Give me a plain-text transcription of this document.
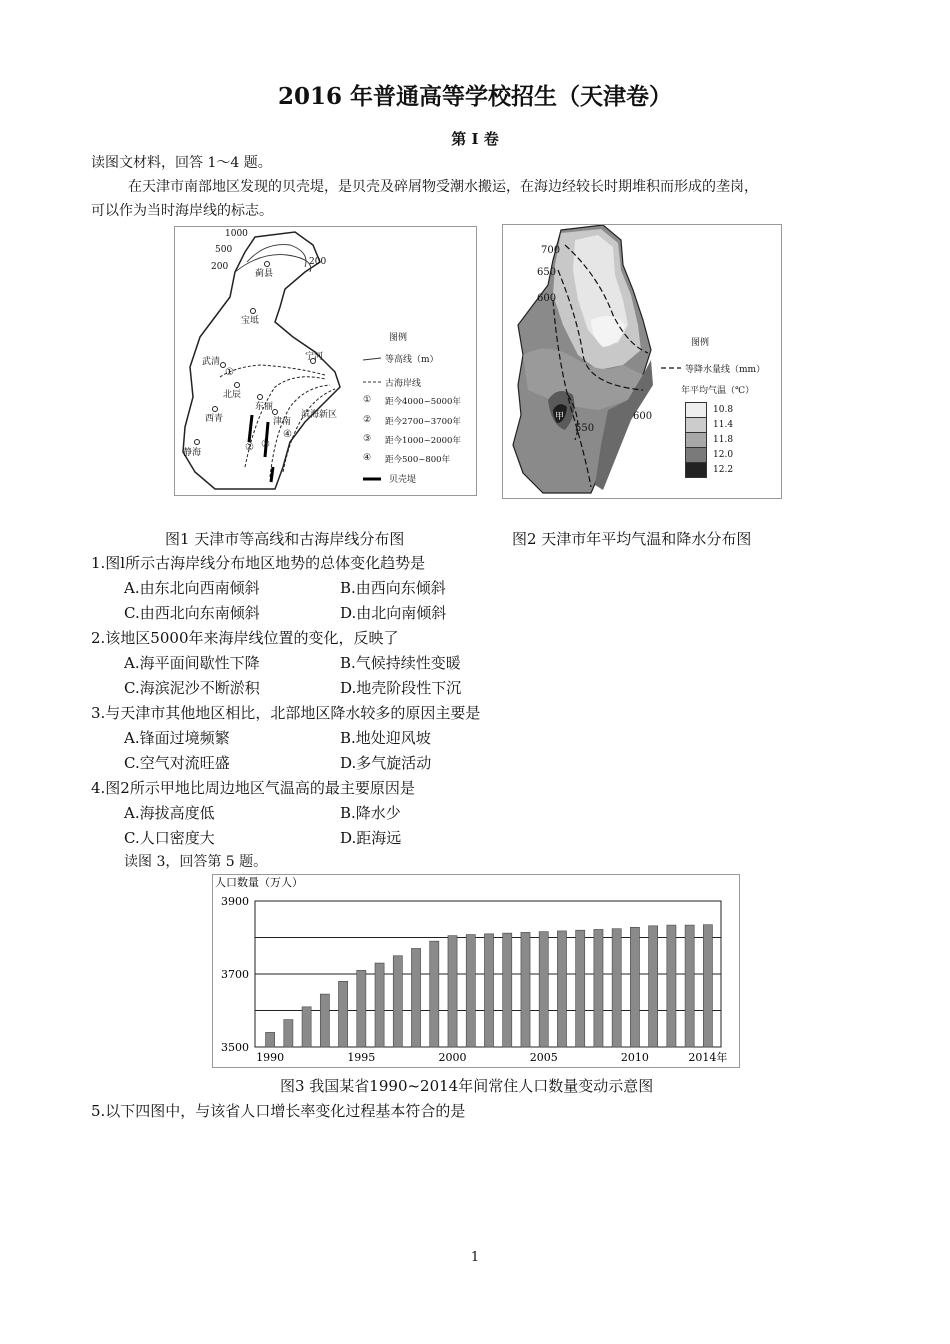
2016 年普通高等学校招生（天津卷）
第 I 卷
读图文材料，回答 1～4 题。
在天津市南部地区发现的贝壳堤，是贝壳及碎屑物受潮水搬运，在海边经较长时期堆积而形成的垄岗，
可以作为当时海岸线的标志。
1000
500
200	200
蓟县
宝坻
宁河
武清
北辰
东丽
西青	津南
滨海新区
静海
①
② ③
④
图例
等高线（m）
古海岸线
① 距今4000~5000年
② 距今2700~3700年
③ 距今1000~2000年
④ 距今500~800年
贝壳堤
700
650
600
600
550
甲
图例
等降水量线（mm）
年平均气温（℃）
10.8
11.4
11.8
12.0
12.2
图1 天津市等高线和古海岸线分布图	图2 天津市年平均气温和降水分布图
1.图l所示古海岸线分布地区地势的总体变化趋势是
A.由东北向西南倾斜	B.由西向东倾斜
C.由西北向东南倾斜	D.由北向南倾斜
2.该地区5000年来海岸线位置的变化，反映了
A.海平面间歇性下降	B.气候持续性变暖
C.海滨泥沙不断淤积	D.地壳阶段性下沉
3.与天津市其他地区相比，北部地区降水较多的原因主要是
A.锋面过境频繁	B.地处迎风坡
C.空气对流旺盛	D.多气旋活动
4.图2所示甲地比周边地区气温高的最主要原因是
A.海拔高度低	B.降水少
C.人口密度大	D.距海远
读图 3，回答第 5 题。
3900
3700
3500
人口数量（万人）
1990	1995	2000	2005	2010	2014年
图3 我国某省1990~2014年间常住人口数量变动示意图
5.以下四图中，与该省人口增长率变化过程基本符合的是
1
